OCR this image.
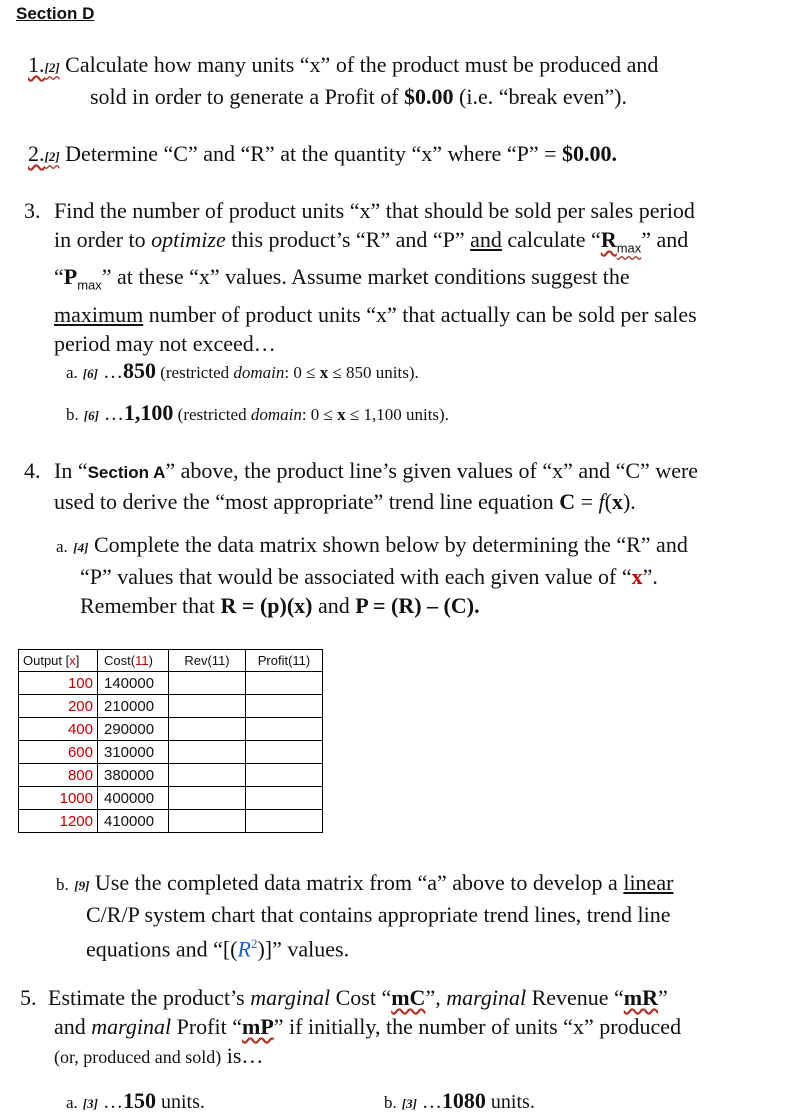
Section D
1.[2] Calculate how many units “x” of the product must be produced and
sold in order to generate a Profit of $0.00 (i.e. “break even”).
2.[2] Determine “C” and “R” at the quantity “x” where “P” = $0.00.
3. Find the number of product units “x” that should be sold per sales period
in order to optimize this product’s “R” and “P” and calculate “$R_{max}$” and
“$P_{max}$” at these “x” values. Assume market conditions suggest the
maximum number of product units “x” that actually can be sold per sales
period may not exceed…
a. [6] …850 (restricted domain: 0 ≤ x ≤ 850 units).
b. [6] …1,100 (restricted domain: 0 ≤ x ≤ 1,100 units).
4. In “Section A” above, the product line’s given values of “x” and “C” were
used to derive the “most appropriate” trend line equation C = f(x).
a. [4] Complete the data matrix shown below by determining the “R” and
“P” values that would be associated with each given value of “x”.
Remember that R = (p)(x) and P = (R) – (C).
Output [x]	Cost(11)	Rev(11)	Profit(11)
100	140000		
200	210000		
400	290000		
600	310000		
800	380000		
1000	400000		
1200	410000		
b. [9] Use the completed data matrix from “a” above to develop a linear
C/R/P system chart that contains appropriate trend lines, trend line
equations and “$[(R^2)]$” values.
5. Estimate the product’s marginal Cost “mC”, marginal Revenue “mR”
and marginal Profit “mP” if initially, the number of units “x” produced
(or, produced and sold) is…
a. [3] …150 units.	b. [3] …1080 units.
